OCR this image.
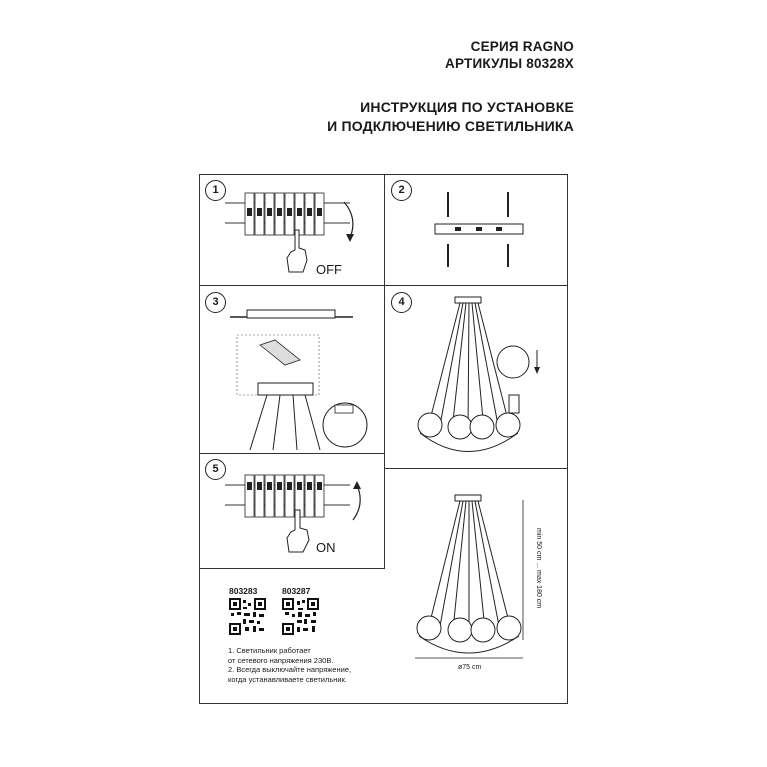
СЕРИЯ RAGNO
АРТИКУЛЫ 80328X
ИНСТРУКЦИЯ ПО УСТАНОВКЕ
И ПОДКЛЮЧЕНИЮ СВЕТИЛЬНИКА
1	2
3	4
5
OFF
ON	min 50 cm ... max 180 cm
ø75 cm
803283	803287
1. Светильник работает
от сетевого напряжения 230В.
2. Всегда выключайте напряжение,
когда устанавливаете светильник.
